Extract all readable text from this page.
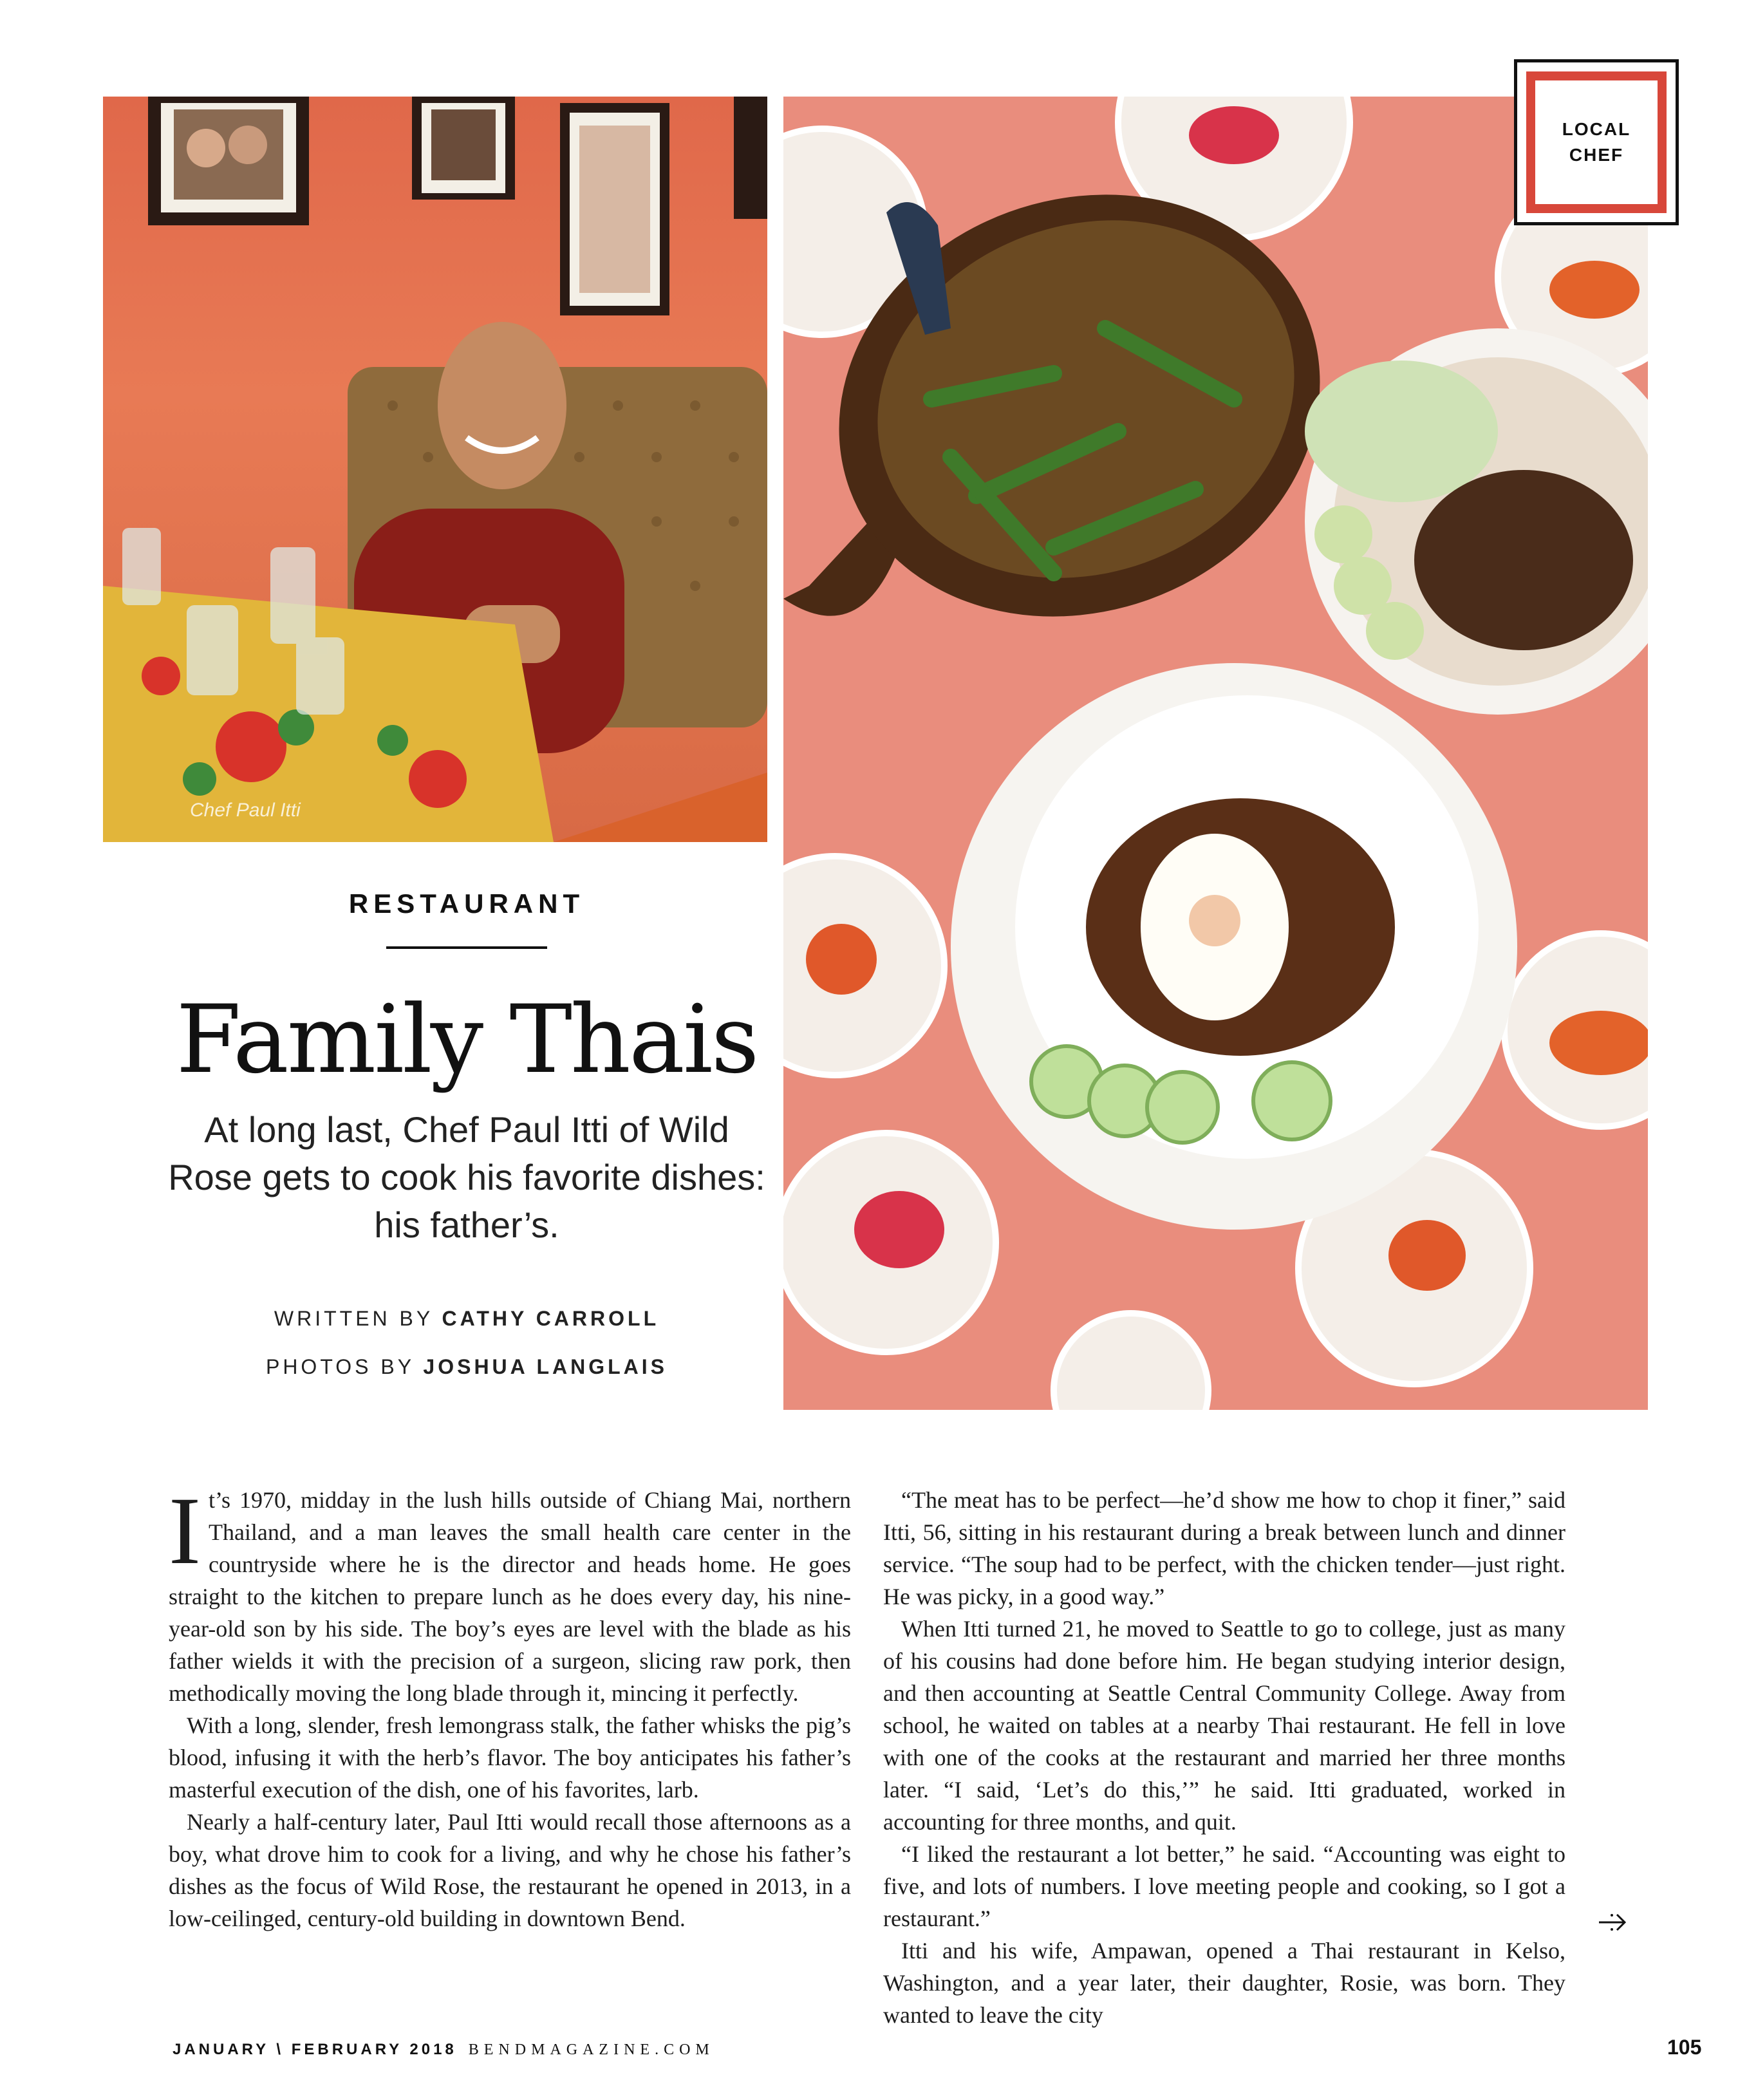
Chef Paul Itti
LOCAL
CHEF
RESTAURANT
Family Thais
At long last, Chef Paul Itti of Wild Rose gets to cook his favorite dishes: his father’s.
WRITTEN BY CATHY CARROLL
PHOTOS BY JOSHUA LANGLAIS

It’s 1970, midday in the lush hills outside of Chiang Mai, northern Thailand, and a man leaves the small health care center in the countryside where he is the director and heads home. He goes straight to the kitchen to prepare lunch as he does every day, his nine-year-old son by his side. The boy’s eyes are level with the blade as his father wields it with the precision of a surgeon, slicing raw pork, then methodically moving the long blade through it, mincing it perfectly.

With a long, slender, fresh lemongrass stalk, the father whisks the pig’s blood, infusing it with the herb’s flavor. The boy anticipates his father’s masterful execution of the dish, one of his favorites, larb.

Nearly a half-century later, Paul Itti would recall those afternoons as a boy, what drove him to cook for a living, and why he chose his father’s dishes as the focus of Wild Rose, the restaurant he opened in 2013, in a low-ceilinged, century-old building in downtown Bend.

“The meat has to be perfect—he’d show me how to chop it finer,” said Itti, 56, sitting in his restaurant during a break between lunch and dinner service. “The soup had to be perfect, with the chicken tender—just right. He was picky, in a good way.”

When Itti turned 21, he moved to Seattle to go to college, just as many of his cousins had done before him. He began studying interior design, and then accounting at Seattle Central Community College. Away from school, he waited on tables at a nearby Thai restaurant. He fell in love with one of the cooks at the restaurant and married her three months later. “I said, ‘Let’s do this,’” he said. Itti graduated, worked in accounting for three months, and quit.

“I liked the restaurant a lot better,” he said. “Accounting was eight to five, and lots of numbers. I love meeting people and cooking, so I got a restaurant.”

Itti and his wife, Ampawan, opened a Thai restaurant in Kelso, Washington, and a year later, their daughter, Rosie, was born. They wanted to leave the city

JANUARY \ FEBRUARY 2018 BENDMAGAZINE.COM	105
